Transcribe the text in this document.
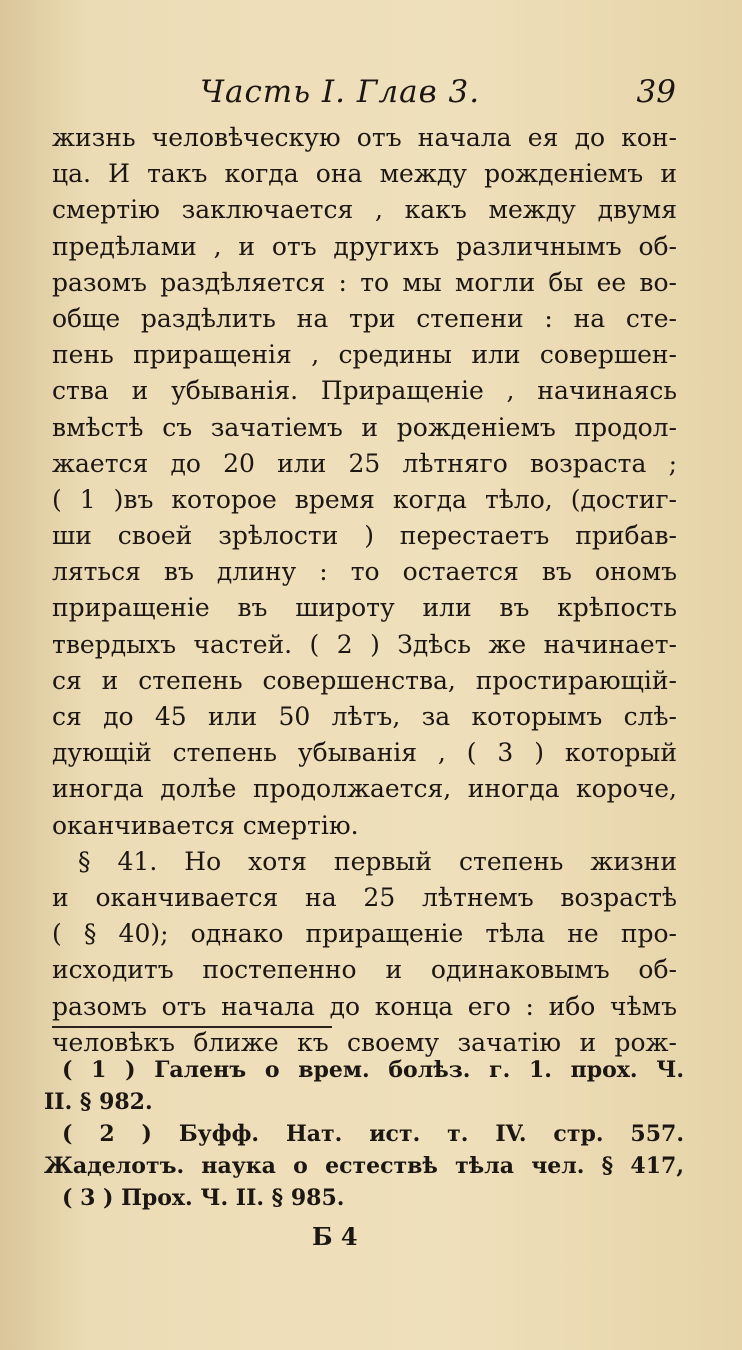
Часть I. Глав 3.	39
жизнь человѣческую отъ начала ея до кон-
ца. И такъ когда она между рожденіемъ и
смертію заключается , какъ между двумя
предѣлами , и отъ другихъ различнымъ об-
разомъ раздѣляется : то мы могли бы ее во-
обще раздѣлить на три степени : на сте-
пень приращенія , средины или совершен-
ства и убыванія. Приращеніе , начинаясь
вмѣстѣ съ зачатіемъ и рожденіемъ продол-
жается до 20 или 25 лѣтняго возраста ;
( 1 )въ которое время когда тѣло, (достиг-
ши своей зрѣлости ) перестаетъ прибав-
ляться въ длину : то остается въ ономъ
приращеніе въ широту или въ крѣпость
твердыхъ частей. ( 2 ) Здѣсь же начинает-
ся и степень совершенства, простирающій-
ся до 45 или 50 лѣтъ, за которымъ слѣ-
дующій степень убыванія , ( 3 ) который
иногда долѣе продолжается, иногда короче,
оканчивается смертію.
§ 41. Но хотя первый степень жизни
и оканчивается на 25 лѣтнемъ возрастѣ
( § 40); однако приращеніе тѣла не про-
исходитъ постепенно и одинаковымъ об-
разомъ отъ начала до конца его : ибо чѣмъ
человѣкъ ближе къ своему зачатію и рож-
( 1 ) Галенъ о врем. болѣз. г. 1. прох. Ч.
II. § 982.
( 2 ) Буфф. Нат. ист. т. IV. стр. 557.
Жаделотъ. наука о естествѣ тѣла чел. § 417,
( 3 ) Прох. Ч. II. § 985.
Б 4
